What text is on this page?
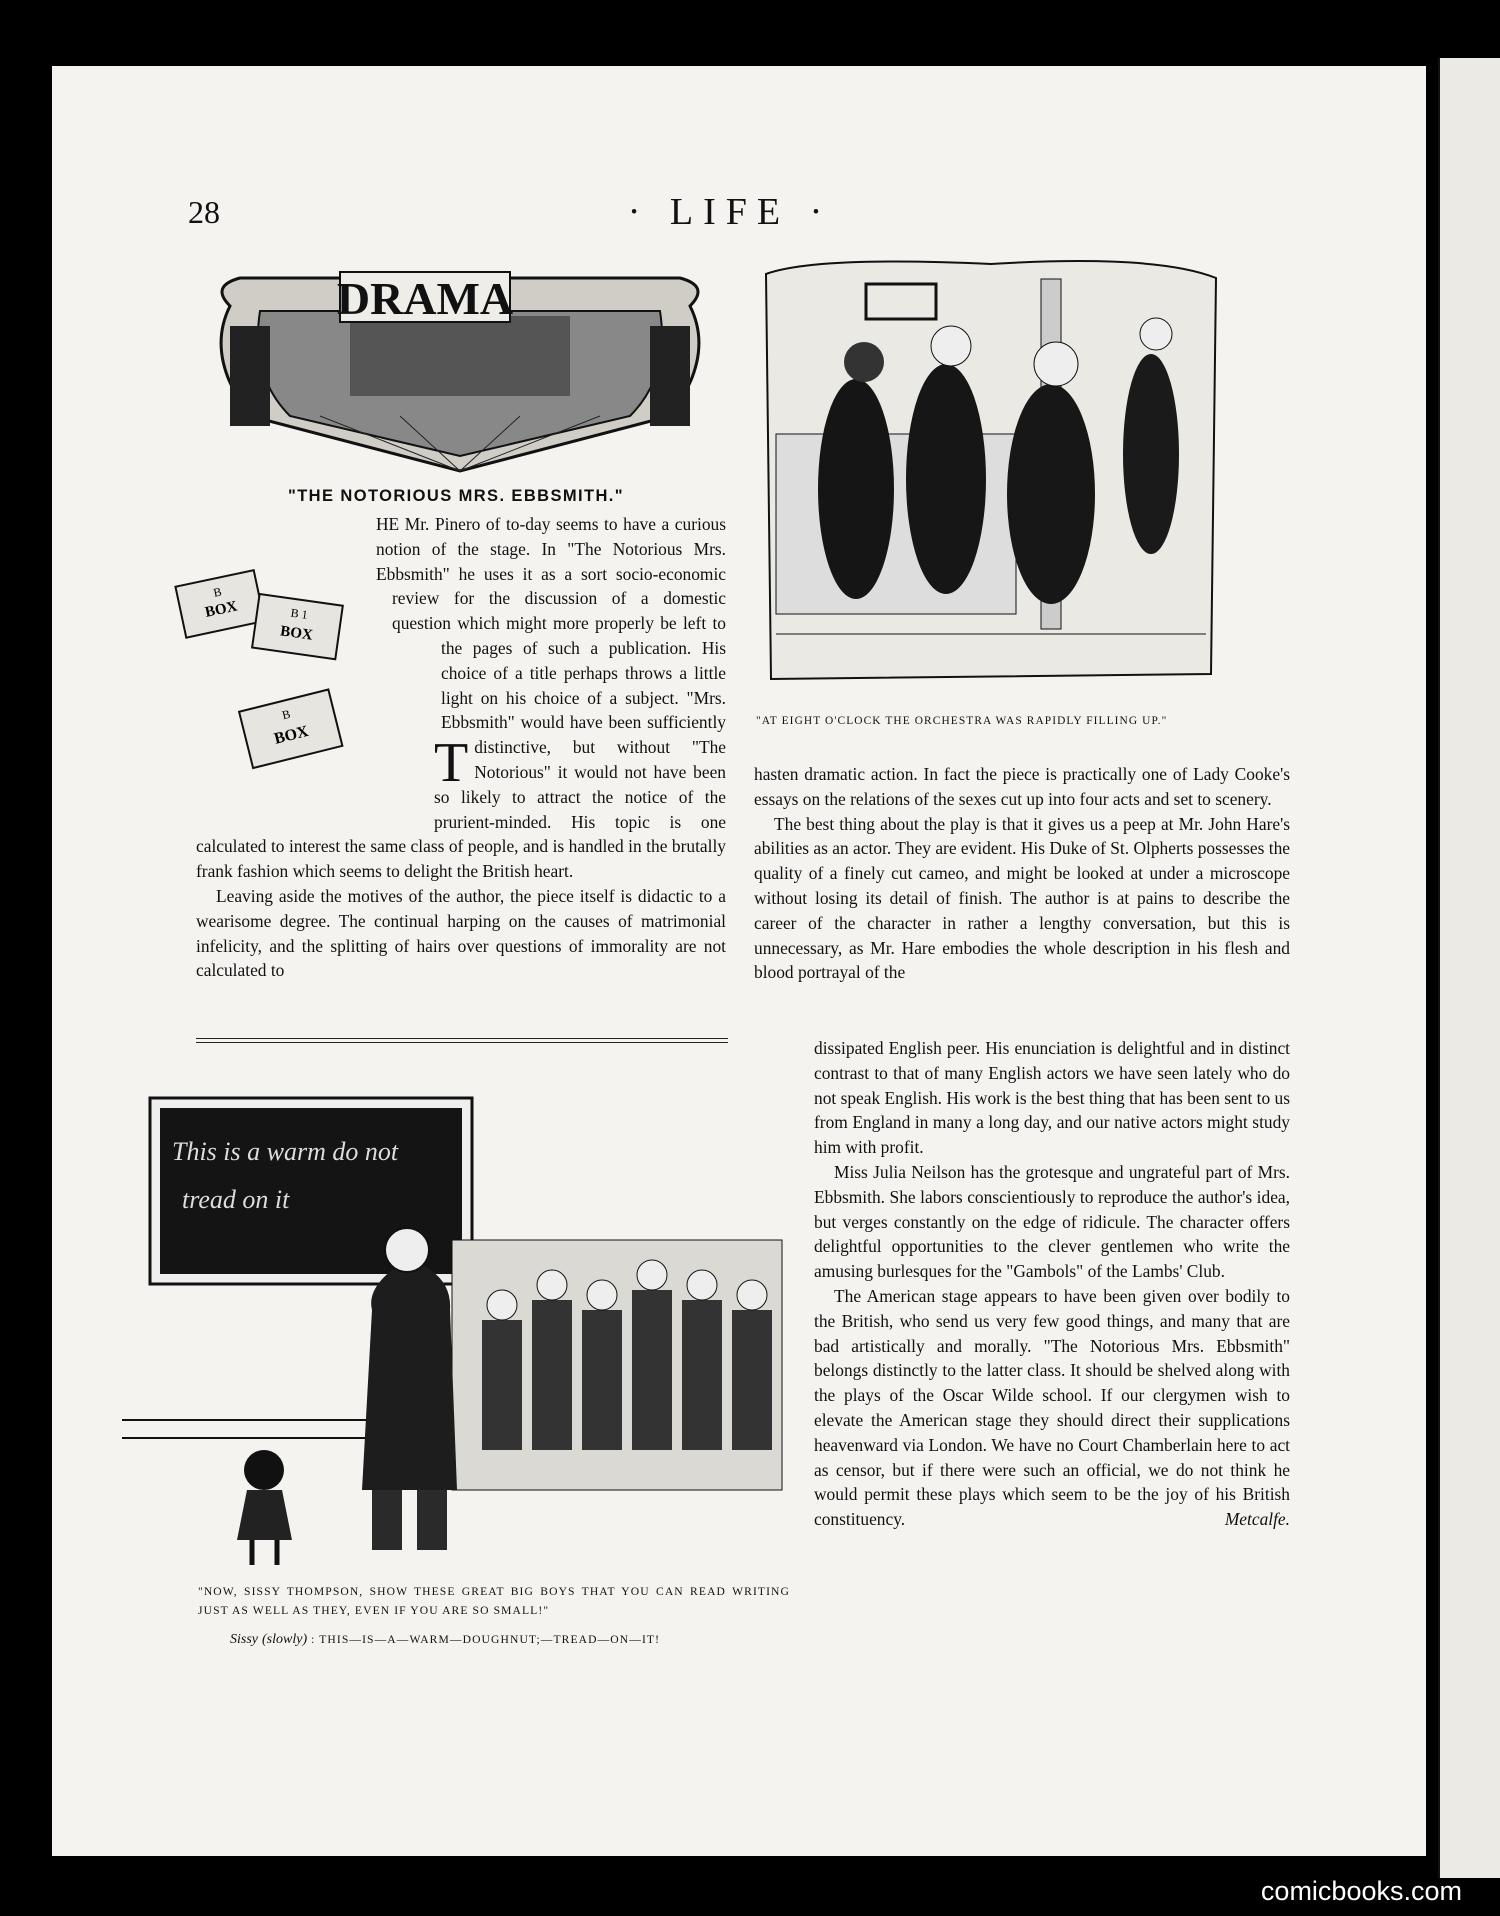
28	· LIFE ·
DRAMA
B
BOX	B 1
BOX
B
BOX
"THE NOTORIOUS MRS. EBBSMITH."
T

HE Mr. Pinero of to-day seems to have a curious notion of the stage. In "The Notorious Mrs. Ebbsmith" he uses it as a sort socio-economic review for the discussion of a domestic question which might more properly be left to the pages of such a publication. His choice of a title perhaps throws a little light on his choice of a subject. "Mrs. Ebbsmith" would have been sufficiently distinctive, but without "The Notorious" it would not have been so likely to attract the notice of the prurient-minded. His topic is one calculated to interest the same class of people, and is handled in the brutally frank fashion which seems to delight the British heart.

Leaving aside the motives of the author, the piece itself is didactic to a wearisome degree. The continual harping on the causes of matrimonial infelicity, and the splitting of hairs over questions of immorality are not calculated to

"AT EIGHT O'CLOCK THE ORCHESTRA WAS RAPIDLY FILLING UP."

hasten dramatic action. In fact the piece is practically one of Lady Cooke's essays on the relations of the sexes cut up into four acts and set to scenery.

The best thing about the play is that it gives us a peep at Mr. John Hare's abilities as an actor. They are evident. His Duke of St. Olpherts possesses the quality of a finely cut cameo, and might be looked at under a microscope without losing its detail of finish. The author is at pains to describe the career of the character in rather a lengthy conversation, but this is unnecessary, as Mr. Hare embodies the whole description in his flesh and blood portrayal of the

dissipated English peer. His enunciation is delightful and in distinct contrast to that of many English actors we have seen lately who do not speak English. His work is the best thing that has been sent to us from England in many a long day, and our native actors might study him with profit.

Miss Julia Neilson has the grotesque and ungrateful part of Mrs. Ebbsmith. She labors conscientiously to reproduce the author's idea, but verges constantly on the edge of ridicule. The character offers delightful opportunities to the clever gentlemen who write the amusing burlesques for the "Gambols" of the Lambs' Club.

The American stage appears to have been given over bodily to the British, who send us very few good things, and many that are bad artistically and morally. "The Notorious Mrs. Ebbsmith" belongs distinctly to the latter class. It should be shelved along with the plays of the Oscar Wilde school. If our clergymen wish to elevate the American stage they should direct their supplications heavenward via London. We have no Court Chamberlain here to act as censor, but if there were such an official, we do not think he would permit these plays which seem to be the joy of his British constituency.	Metcalfe.

This is a warm do not
tread on it
"NOW, SISSY THOMPSON, SHOW THESE GREAT BIG BOYS THAT YOU CAN READ WRITING JUST AS WELL AS THEY, EVEN IF YOU ARE SO SMALL!"
Sissy (slowly) : THIS—IS—A—WARM—DOUGHNUT;—TREAD—ON—IT!
comicbooks.com
